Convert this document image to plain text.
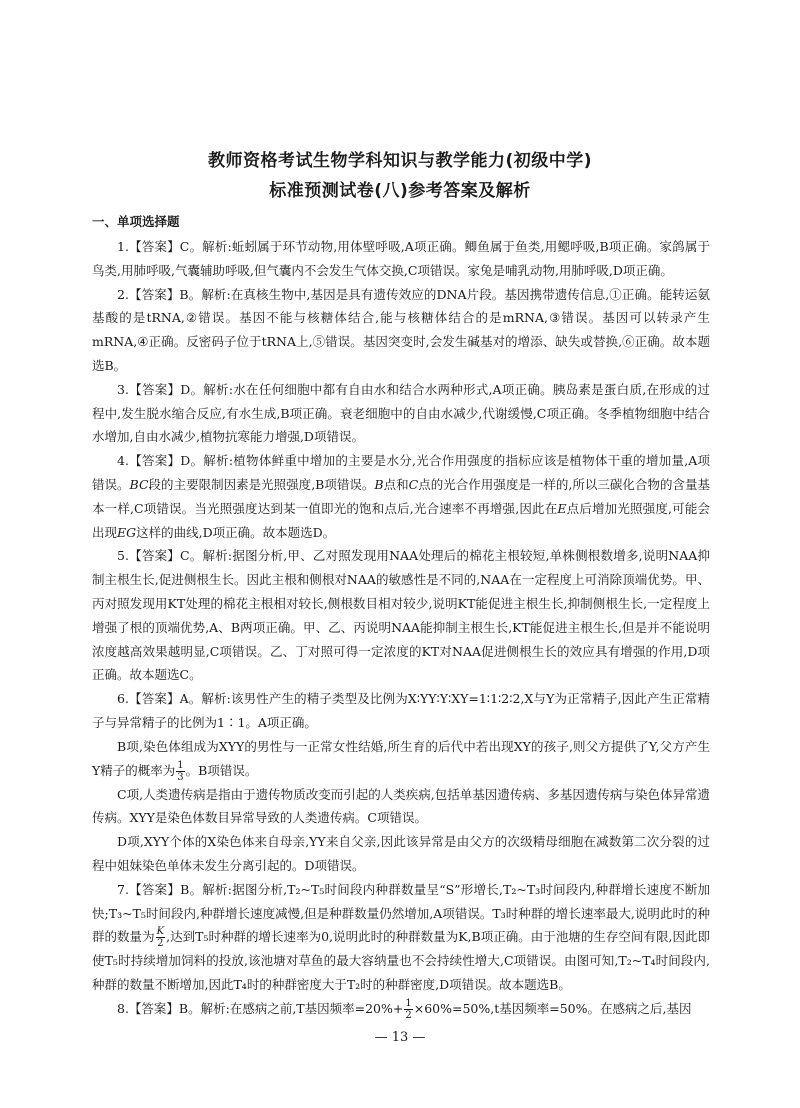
教师资格考试生物学科知识与教学能力(初级中学)
标准预测试卷(八)参考答案及解析
一、单项选择题

1.【答案】C。解析:蚯蚓属于环节动物,用体壁呼吸,A项正确。鲫鱼属于鱼类,用鳃呼吸,B项正确。家鸽属于鸟类,用肺呼吸,气囊辅助呼吸,但气囊内不会发生气体交换,C项错误。家兔是哺乳动物,用肺呼吸,D项正确。

2.【答案】B。解析:在真核生物中,基因是具有遗传效应的DNA片段。基因携带遗传信息,①正确。能转运氨基酸的是tRNA,②错误。基因不能与核糖体结合,能与核糖体结合的是mRNA,③错误。基因可以转录产生mRNA,④正确。反密码子位于tRNA上,⑤错误。基因突变时,会发生碱基对的增添、缺失或替换,⑥正确。故本题选B。

3.【答案】D。解析:水在任何细胞中都有自由水和结合水两种形式,A项正确。胰岛素是蛋白质,在形成的过程中,发生脱水缩合反应,有水生成,B项正确。衰老细胞中的自由水减少,代谢缓慢,C项正确。冬季植物细胞中结合水增加,自由水减少,植物抗寒能力增强,D项错误。

4.【答案】D。解析:植物体鲜重中增加的主要是水分,光合作用强度的指标应该是植物体干重的增加量,A项错误。BC段的主要限制因素是光照强度,B项错误。B点和C点的光合作用强度是一样的,所以三碳化合物的含量基本一样,C项错误。当光照强度达到某一值即光的饱和点后,光合速率不再增强,因此在E点后增加光照强度,可能会出现EG这样的曲线,D项正确。故本题选D。

5.【答案】C。解析:据图分析,甲、乙对照发现用NAA处理后的棉花主根较短,单株侧根数增多,说明NAA抑制主根生长,促进侧根生长。因此主根和侧根对NAA的敏感性是不同的,NAA在一定程度上可消除顶端优势。甲、丙对照发现用KT处理的棉花主根相对较长,侧根数目相对较少,说明KT能促进主根生长,抑制侧根生长,一定程度上增强了根的顶端优势,A、B两项正确。甲、乙、丙说明NAA能抑制主根生长,KT能促进主根生长,但是并不能说明浓度越高效果越明显,C项错误。乙、丁对照可得一定浓度的KT对NAA促进侧根生长的效应具有增强的作用,D项正确。故本题选C。

6.【答案】A。解析:该男性产生的精子类型及比例为X∶YY∶Y∶XY=1∶1∶2∶2,X与Y为正常精子,因此产生正常精子与异常精子的比例为1∶1。A项正确。

B项,染色体组成为XYY的男性与一正常女性结婚,所生育的后代中若出现XY的孩子,则父方提供了Y,父方产生Y精子的概率为 $\frac{1}{3}$ 。B项错误。

C项,人类遗传病是指由于遗传物质改变而引起的人类疾病,包括单基因遗传病、多基因遗传病与染色体异常遗传病。XYY是染色体数目异常导致的人类遗传病。C项错误。

D项,XYY个体的X染色体来自母亲,YY来自父亲,因此该异常是由父方的次级精母细胞在减数第二次分裂的过程中姐妹染色单体未发生分离引起的。D项错误。

7.【答案】B。解析:据图分析,T₂~T₅时间段内种群数量呈“S”形增长,T₂~T₃时间段内,种群增长速度不断加快;T₃~T₅时间段内,种群增长速度减慢,但是种群数量仍然增加,A项错误。T₃时种群的增长速率最大,说明此时的种群的数量为 $\frac{K}{2}$ ,达到T₅时种群的增长速率为0,说明此时的种群数量为K,B项正确。由于池塘的生存空间有限,因此即使T₅时持续增加饲料的投放,该池塘对草鱼的最大容纳量也不会持续性增大,C项错误。由图可知,T₂~T₄时间段内,种群的数量不断增加,因此T₄时的种群密度大于T₂时的种群密度,D项错误。故本题选B。

8.【答案】B。解析:在感病之前,T基因频率$=20\%+ \frac{1}{2} \times 60\%=50\%,t$基因频率=50%。在感病之后,基因

— 13 —
